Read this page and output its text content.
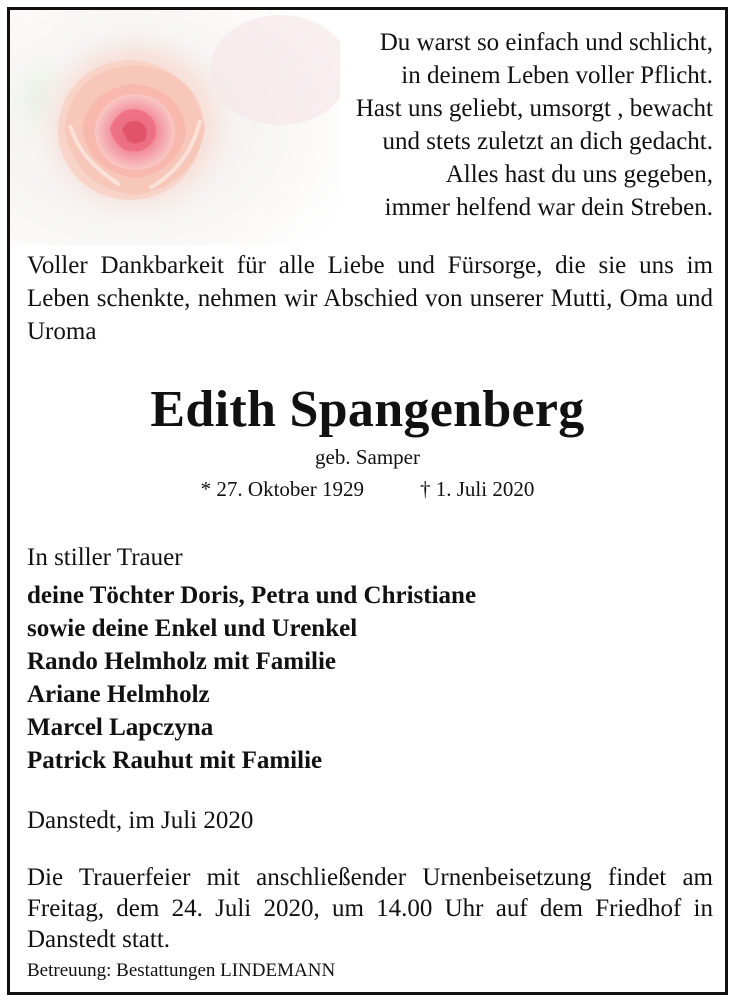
Du warst so einfach und schlicht,
in deinem Leben voller Pflicht.
Hast uns geliebt, umsorgt , bewacht
und stets zuletzt an dich gedacht.
Alles hast du uns gegeben,
immer helfend war dein Streben.
Voller Dankbarkeit für alle Liebe und Fürsorge, die sie uns im Leben schenkte, nehmen wir Abschied von unserer Mutti, Oma und Uroma
Edith Spangenberg
geb. Samper
* 27. Oktober 1929	† 1. Juli 2020
In stiller Trauer
deine Töchter Doris, Petra und Christiane
sowie deine Enkel und Urenkel
Rando Helmholz mit Familie
Ariane Helmholz
Marcel Lapczyna
Patrick Rauhut mit Familie
Danstedt, im Juli 2020
Die Trauerfeier mit anschließender Urnenbeisetzung findet am Freitag, dem 24. Juli 2020, um 14.00 Uhr auf dem Friedhof in Danstedt statt.
Betreuung: Bestattungen LINDEMANN
